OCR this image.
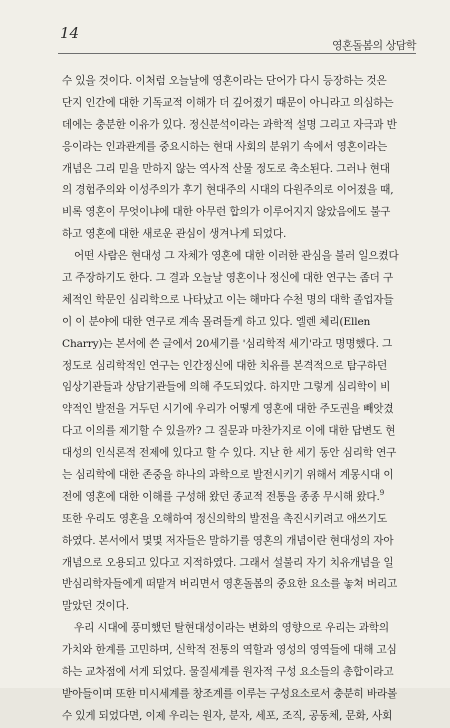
14
영혼돌봄의 상담학
수 있을 것이다. 이처럼 오늘날에 영혼이라는 단어가 다시 등장하는 것은
단지 인간에 대한 기독교적 이해가 더 깊어졌기 때문이 아니라고 의심하는
데에는 충분한 이유가 있다. 정신분석이라는 과학적 설명 그리고 자극과 반
응이라는 인과관계를 중요시하는 현대 사회의 분위기 속에서 영혼이라는
개념은 그리 믿을 만하지 않는 역사적 산물 정도로 축소된다. 그러나 현대
의 경험주의와 이성주의가 후기 현대주의 시대의 다원주의로 이어졌을 때,
비록 영혼이 무엇이냐에 대한 아무런 합의가 이루어지지 않았음에도 불구
하고 영혼에 대한 새로운 관심이 생겨나게 되었다.
어떤 사람은 현대성 그 자체가 영혼에 대한 이러한 관심을 불러 일으켰다
고 주장하기도 한다. 그 결과 오늘날 영혼이나 정신에 대한 연구는 좀더 구
체적인 학문인 심리학으로 나타났고 이는 해마다 수천 명의 대학 졸업자들
이 이 분야에 대한 연구로 계속 몰려들게 하고 있다. 엘렌 체리(Ellen
Charry)는 본서에 쓴 글에서 20세기를 '심리학적 세기'라고 명명했다. 그
정도로 심리학적인 연구는 인간정신에 대한 치유를 본격적으로 탐구하던
임상기관들과 상담기관들에 의해 주도되었다. 하지만 그렇게 심리학이 비
약적인 발전을 거두던 시기에 우리가 어떻게 영혼에 대한 주도권을 빼앗겼
다고 이의를 제기할 수 있을까? 그 질문과 마찬가지로 이에 대한 답변도 현
대성의 인식론적 전제에 있다고 할 수 있다. 지난 한 세기 동안 심리학 연구
는 심리학에 대한 존중을 하나의 과학으로 발전시키기 위해서 계몽시대 이
전에 영혼에 대한 이해를 구성해 왔던 종교적 전통을 종종 무시해 왔다.$^9$
또한 우리도 영혼을 오해하여 정신의학의 발전을 촉진시키려고 애쓰기도
하였다. 본서에서 몇몇 저자들은 말하기를 영혼의 개념이란 현대성의 자아
개념으로 오용되고 있다고 지적하였다. 그래서 설불리 자기 치유개념을 일
반심리학자들에게 떠맡겨 버리면서 영혼돌봄의 중요한 요소를 놓쳐 버리고
말았던 것이다.
우리 시대에 풍미했던 탈현대성이라는 변화의 영향으로 우리는 과학의
가치와 한계를 고민하며, 신학적 전통의 역할과 영성의 영역들에 대해 고심
하는 교차점에 서게 되었다. 물질세계를 원자적 구성 요소들의 총합이라고
받아들이며 또한 미시세계를 창조계를 이루는 구성요소로서 충분히 바라볼
수 있게 되었다면, 이제 우리는 원자, 분자, 세포, 조직, 공동체, 문화, 사회
